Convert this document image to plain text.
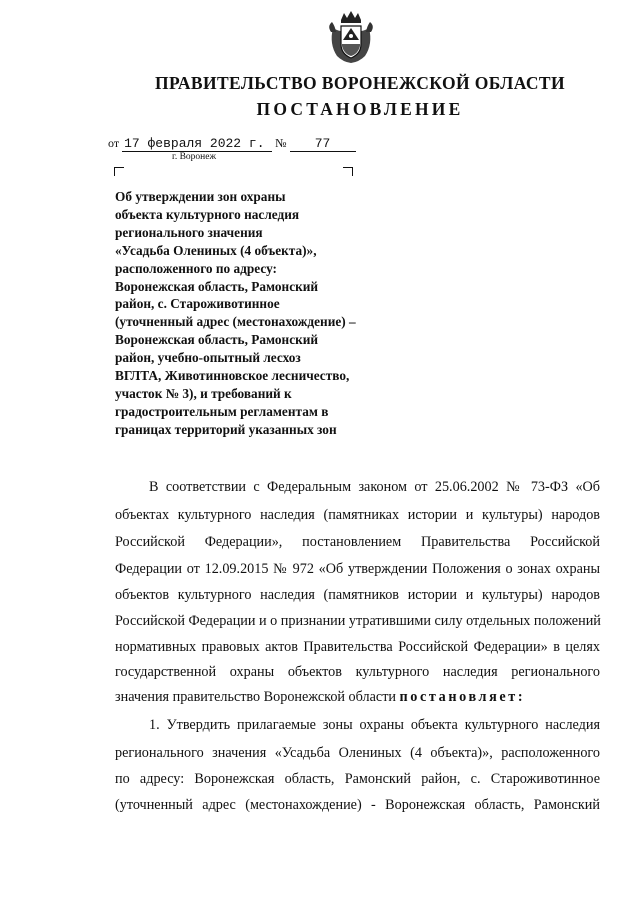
ПРАВИТЕЛЬСТВО ВОРОНЕЖСКОЙ ОБЛАСТИ
ПОСТАНОВЛЕНИЕ
от 17 февраля 2022 г. № 77
г. Воронеж
Об утверждении зон охраны
объекта культурного наследия
регионального значения
«Усадьба Олениных (4 объекта)»,
расположенного по адресу:
Воронежская область, Рамонский
район, с. Староживотинное
(уточненный адрес (местонахождение) –
Воронежская область, Рамонский
район, учебно-опытный лесхоз
ВГЛТА, Животинновское лесничество,
участок № 3), и требований к
градостроительным регламентам в
границах территорий указанных зон
В соответствии с Федеральным законом от 25.06.2002 № 73-ФЗ «Об
объектах культурного наследия (памятниках истории и культуры) народов
Российской Федерации», постановлением Правительства Российской
Федерации от 12.09.2015 № 972 «Об утверждении Положения о зонах охраны
объектов культурного наследия (памятников истории и культуры) народов
Российской Федерации и о признании утратившими силу отдельных положений
нормативных правовых актов Правительства Российской Федерации» в целях
государственной охраны объектов культурного наследия регионального
значения правительство Воронежской области постановляет:
1. Утвердить прилагаемые зоны охраны объекта культурного наследия
регионального значения «Усадьба Олениных (4 объекта)», расположенного
по адресу: Воронежская область, Рамонский район, с. Староживотинное
(уточненный адрес (местонахождение) - Воронежская область, Рамонский
